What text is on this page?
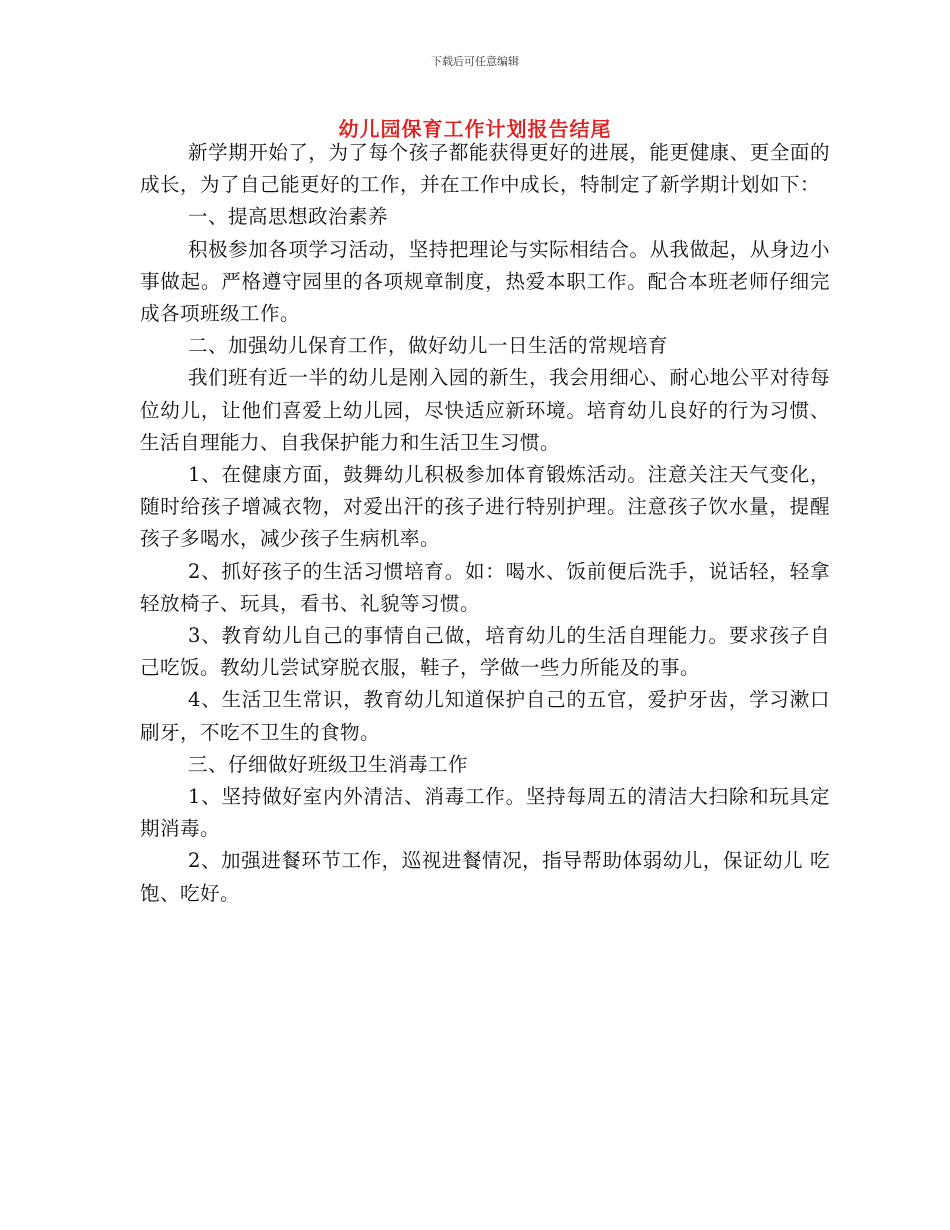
下载后可任意编辑
幼儿园保育工作计划报告结尾

新学期开始了，为了每个孩子都能获得更好的进展，能更健康、更全面的成长，为了自己能更好的工作，并在工作中成长，特制定了新学期计划如下：

一、提高思想政治素养

积极参加各项学习活动，坚持把理论与实际相结合。从我做起，从身边小事做起。严格遵守园里的各项规章制度，热爱本职工作。配合本班老师仔细完成各项班级工作。

二、加强幼儿保育工作，做好幼儿一日生活的常规培育

我们班有近一半的幼儿是刚入园的新生，我会用细心、耐心地公平对待每位幼儿，让他们喜爱上幼儿园，尽快适应新环境。培育幼儿良好的行为习惯、生活自理能力、自我保护能力和生活卫生习惯。

1、在健康方面，鼓舞幼儿积极参加体育锻炼活动。注意关注天气变化，随时给孩子增减衣物，对爱出汗的孩子进行特别护理。注意孩子饮水量，提醒孩子多喝水，减少孩子生病机率。

2、抓好孩子的生活习惯培育。如：喝水、饭前便后洗手，说话轻，轻拿轻放椅子、玩具，看书、礼貌等习惯。

3、教育幼儿自己的事情自己做，培育幼儿的生活自理能力。要求孩子自己吃饭。教幼儿尝试穿脱衣服，鞋子，学做一些力所能及的事。

4、生活卫生常识，教育幼儿知道保护自己的五官，爱护牙齿，学习漱口刷牙，不吃不卫生的食物。

三、仔细做好班级卫生消毒工作

1、坚持做好室内外清洁、消毒工作。坚持每周五的清洁大扫除和玩具定期消毒。

2、加强进餐环节工作，巡视进餐情况，指导帮助体弱幼儿，保证幼儿 吃饱、吃好。
